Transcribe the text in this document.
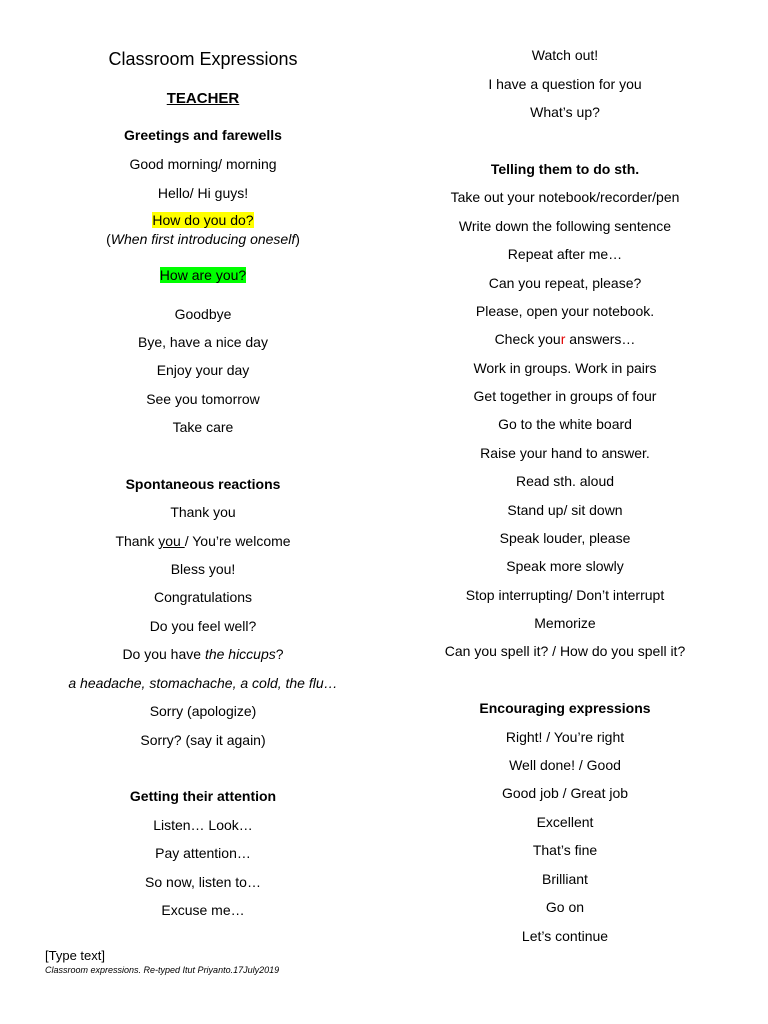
Classroom Expressions
TEACHER
Greetings and farewells
Good morning/ morning
Hello/ Hi guys!
How do you do?
(When first introducing oneself)
How are you?
Goodbye
Bye, have a nice day
Enjoy your day
See you tomorrow
Take care
Spontaneous reactions
Thank you
Thank you / You’re welcome
Bless you!
Congratulations
Do you feel well?
Do you have the hiccups?
a headache, stomachache, a cold, the flu…
Sorry (apologize)
Sorry? (say it again)
Getting their attention
Listen… Look…
Pay attention…
So now, listen to…
Excuse me…
Watch out!
I have a question for you
What’s up?
Telling them to do sth.
Take out your notebook/recorder/pen
Write down the following sentence
Repeat after me…
Can you repeat, please?
Please, open your notebook.
Check your answers…
Work in groups. Work in pairs
Get together in groups of four
Go to the white board
Raise your hand to answer.
Read sth. aloud
Stand up/ sit down
Speak louder, please
Speak more slowly
Stop interrupting/ Don’t interrupt
Memorize
Can you spell it? / How do you spell it?
Encouraging expressions
Right! / You’re right
Well done! / Good
Good job / Great job
Excellent
That’s fine
Brilliant
Go on
Let’s continue
[Type text]
Classroom expressions. Re-typed Itut Priyanto.17July2019
